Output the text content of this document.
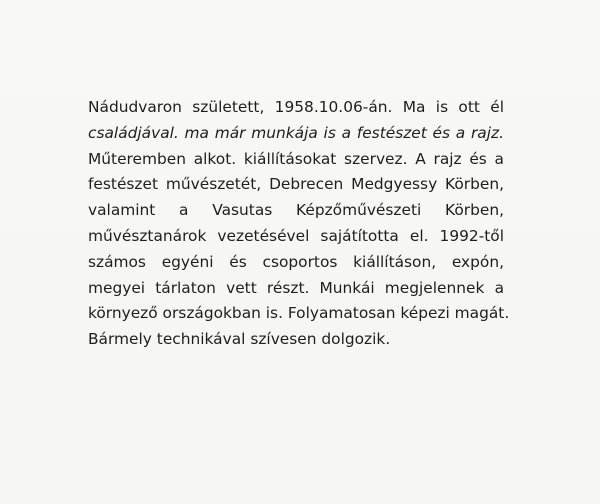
Nádudvaron született, 1958.10.06-án. Ma is ott él
családjával. ma már munkája is a festészet és a rajz.
Műteremben alkot. kiállításokat szervez. A rajz és a
festészet művészetét, Debrecen Medgyessy Körben,
valamint a Vasutas Képzőművészeti Körben,
művésztanárok vezetésével sajátította el. 1992-től
számos egyéni és csoportos kiállításon, expón,
megyei tárlaton vett részt. Munkái megjelennek a
környező országokban is. Folyamatosan képezi magát.
Bármely technikával szívesen dolgozik.
